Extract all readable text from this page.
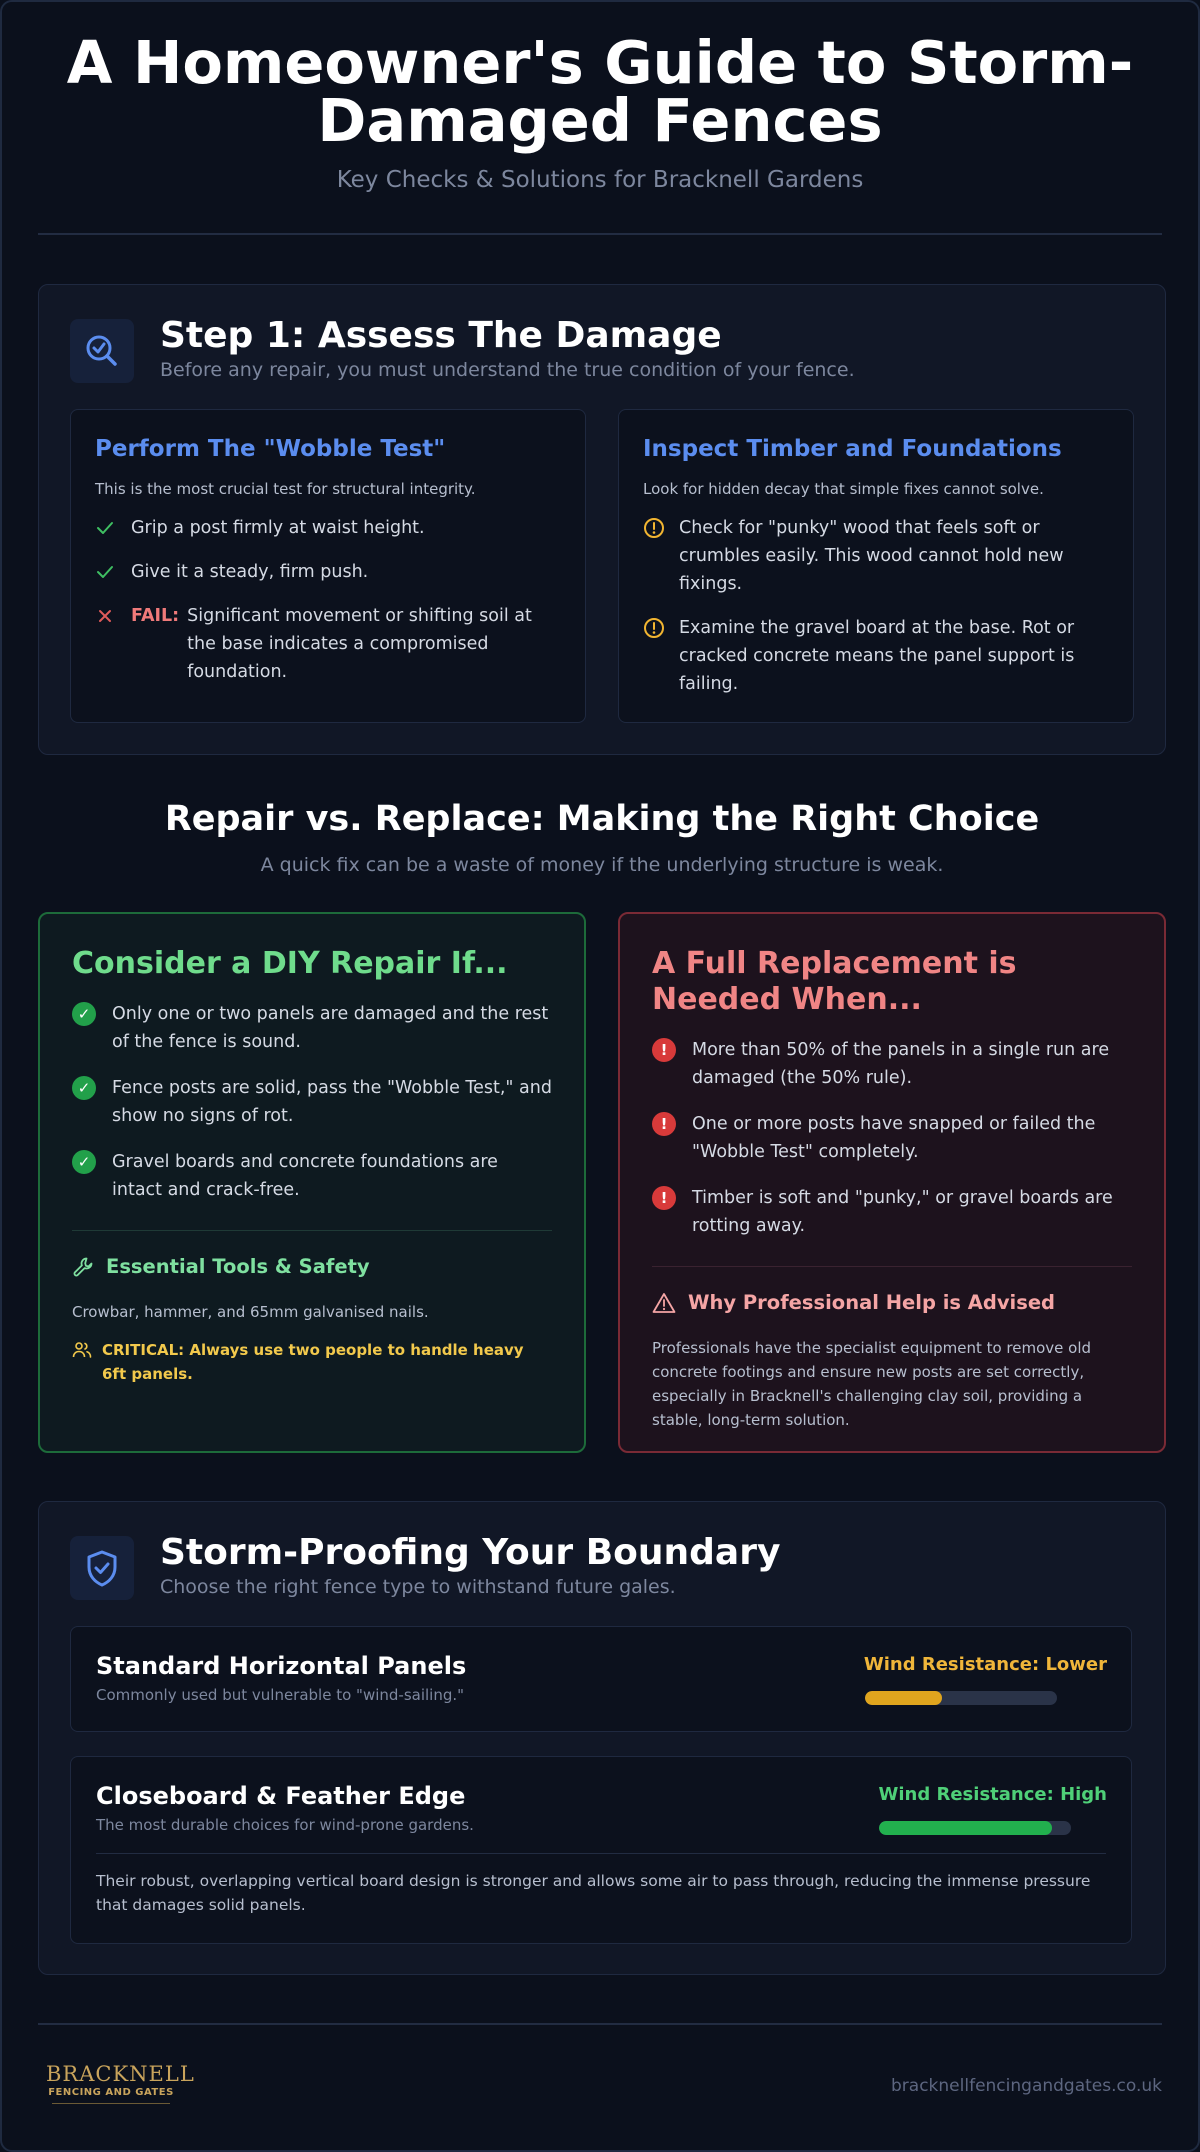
A Homeowner's Guide to Storm-Damaged Fences
Key Checks & Solutions for Bracknell Gardens
Step 1: Assess The Damage
Before any repair, you must understand the true condition of your fence.
Perform The "Wobble Test"
This is the most crucial test for structural integrity.
Grip a post firmly at waist height.
Give it a steady, firm push.
FAIL: Significant movement or shifting soil at the base indicates a compromised foundation.
Inspect Timber and Foundations
Look for hidden decay that simple fixes cannot solve.
Check for "punky" wood that feels soft or crumbles easily. This wood cannot hold new fixings.
Examine the gravel board at the base. Rot or cracked concrete means the panel support is failing.
Repair vs. Replace: Making the Right Choice
A quick fix can be a waste of money if the underlying structure is weak.
Consider a DIY Repair If...
✓	Only one or two panels are damaged and the rest of the fence is sound.
✓	Fence posts are solid, pass the "Wobble Test," and show no signs of rot.
✓	Gravel boards and concrete foundations are intact and crack-free.
Essential Tools & Safety
Crowbar, hammer, and 65mm galvanised nails.
CRITICAL: Always use two people to handle heavy 6ft panels.
A Full Replacement is Needed When...
!	More than 50% of the panels in a single run are damaged (the 50% rule).
!	One or more posts have snapped or failed the "Wobble Test" completely.
!	Timber is soft and "punky," or gravel boards are rotting away.
Why Professional Help is Advised
Professionals have the specialist equipment to remove old concrete footings and ensure new posts are set correctly, especially in Bracknell's challenging clay soil, providing a stable, long-term solution.
Storm-Proofing Your Boundary
Choose the right fence type to withstand future gales.
Standard Horizontal Panels
Commonly used but vulnerable to "wind-sailing."
Wind Resistance: Lower
Closeboard & Feather Edge
The most durable choices for wind-prone gardens.
Wind Resistance: High
Their robust, overlapping vertical board design is stronger and allows some air to pass through, reducing the immense pressure that damages solid panels.
BRACKNELL
FENCING AND GATES	bracknellfencingandgates.co.uk
